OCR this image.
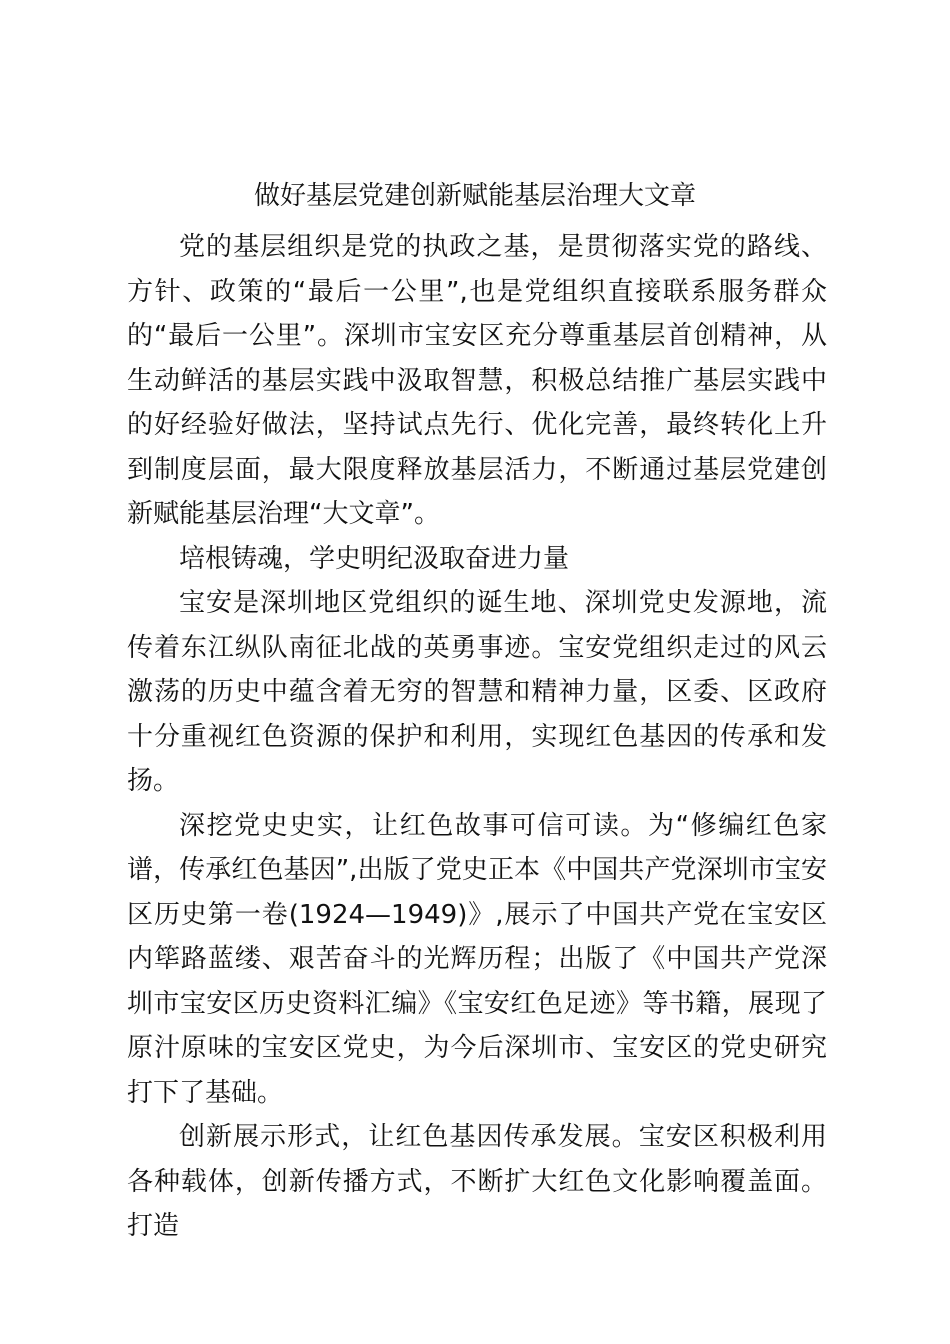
做好基层党建创新赋能基层治理大文章

党的基层组织是党的执政之基，是贯彻落实党的路线、方针、政策的“最后一公里”,也是党组织直接联系服务群众的“最后一公里”。深圳市宝安区充分尊重基层首创精神，从生动鲜活的基层实践中汲取智慧，积极总结推广基层实践中的好经验好做法，坚持试点先行、优化完善，最终转化上升到制度层面，最大限度释放基层活力，不断通过基层党建创新赋能基层治理“大文章”。

培根铸魂，学史明纪汲取奋进力量

宝安是深圳地区党组织的诞生地、深圳党史发源地，流传着东江纵队南征北战的英勇事迹。宝安党组织走过的风云激荡的历史中蕴含着无穷的智慧和精神力量，区委、区政府十分重视红色资源的保护和利用，实现红色基因的传承和发扬。

深挖党史史实，让红色故事可信可读。为“修编红色家谱，传承红色基因”,出版了党史正本《中国共产党深圳市宝安区历史第一卷(1924—1949)》,展示了中国共产党在宝安区内筚路蓝缕、艰苦奋斗的光辉历程；出版了《中国共产党深圳市宝安区历史资料汇编》《宝安红色足迹》等书籍，展现了原汁原味的宝安区党史，为今后深圳市、宝安区的党史研究打下了基础。

创新展示形式，让红色基因传承发展。宝安区积极利用各种载体，创新传播方式，不断扩大红色文化影响覆盖面。打造
